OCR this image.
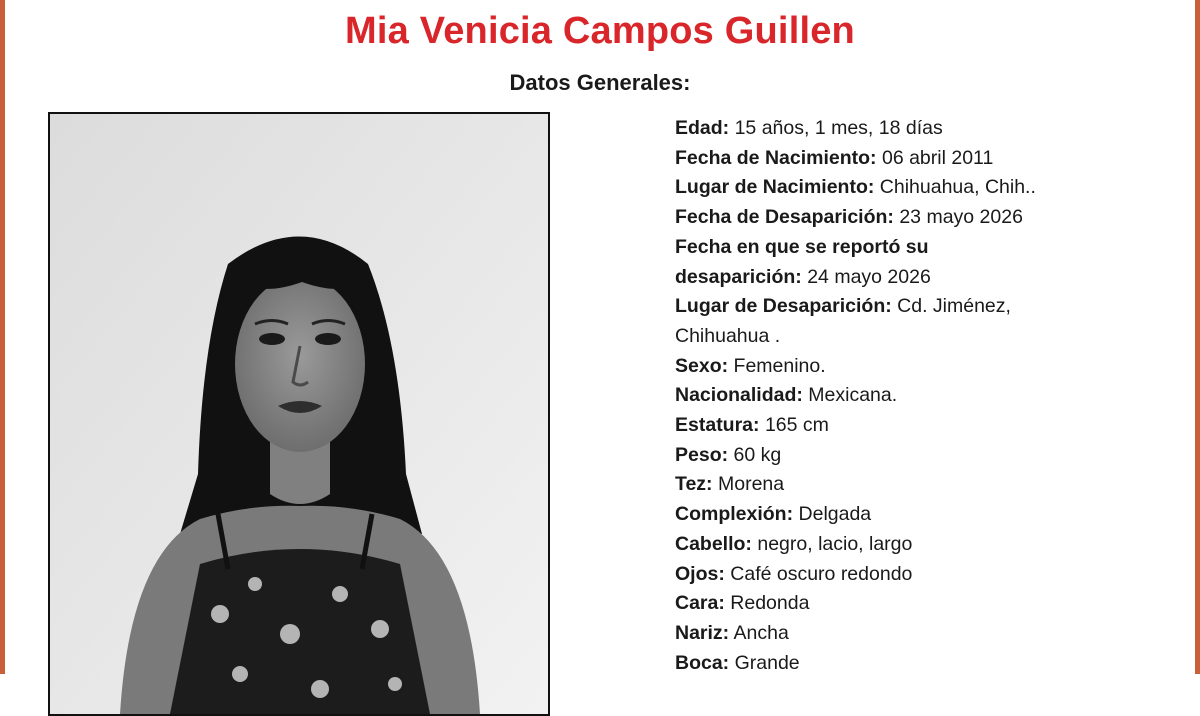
Mia Venicia Campos Guillen
Datos Generales:
Edad: 15 años, 1 mes, 18 días
Fecha de Nacimiento: 06 abril 2011
Lugar de Nacimiento: Chihuahua, Chih..
Fecha de Desaparición: 23 mayo 2026
Fecha en que se reportó su desaparición: 24 mayo 2026
Lugar de Desaparición: Cd. Jiménez, Chihuahua .
Sexo: Femenino.
Nacionalidad: Mexicana.
Estatura: 165 cm
Peso: 60 kg
Tez: Morena
Complexión: Delgada
Cabello: negro, lacio, largo
Ojos: Café oscuro redondo
Cara: Redonda
Nariz: Ancha
Boca: Grande
